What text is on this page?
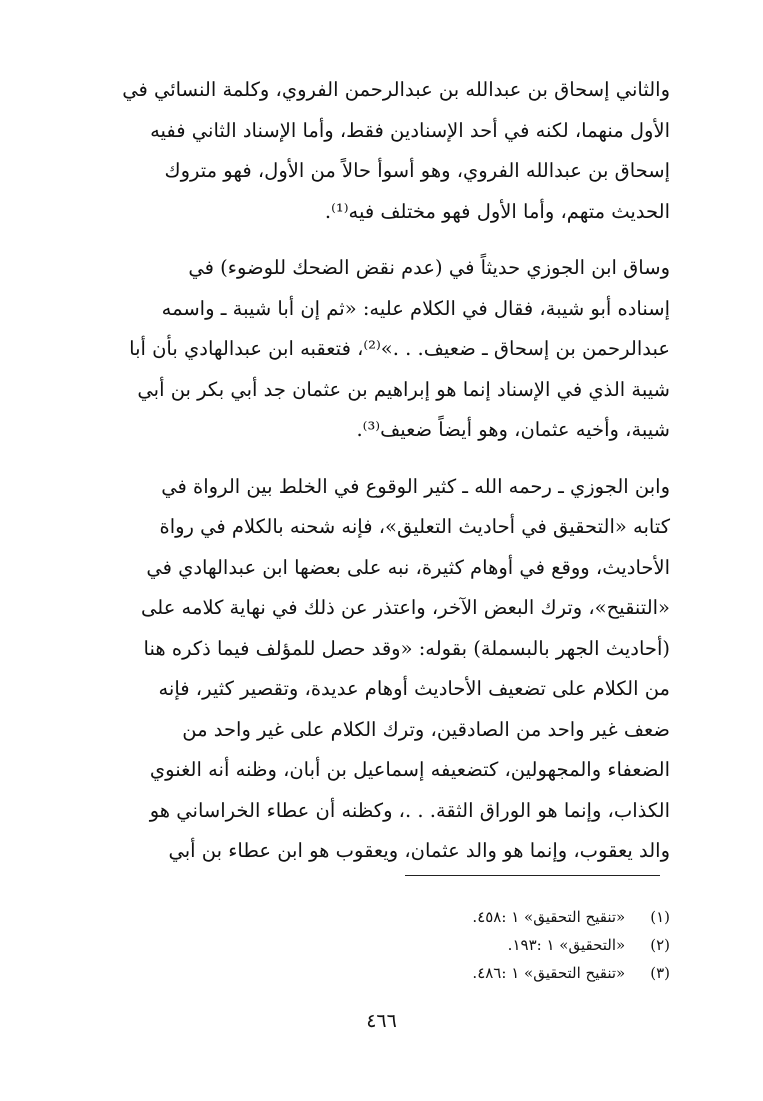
والثاني إسحاق بن عبدالله بن عبدالرحمن الفروي، وكلمة النسائي في
الأول منهما، لكنه في أحد الإسنادين فقط، وأما الإسناد الثاني ففيه
إسحاق بن عبدالله الفروي، وهو أسوأ حالاً من الأول، فهو متروك
الحديث متهم، وأما الأول فهو مختلف فيه⁽¹⁾.

وساق ابن الجوزي حديثاً في (عدم نقض الضحك للوضوء) في
إسناده أبو شيبة، فقال في الكلام عليه: «ثم إن أبا شيبة ـ واسمه
عبدالرحمن بن إسحاق ـ ضعيف. . .»⁽²⁾، فتعقبه ابن عبدالهادي بأن أبا
شيبة الذي في الإسناد إنما هو إبراهيم بن عثمان جد أبي بكر بن أبي
شيبة، وأخيه عثمان، وهو أيضاً ضعيف⁽³⁾.

وابن الجوزي ـ رحمه الله ـ كثير الوقوع في الخلط بين الرواة في
كتابه «التحقيق في أحاديث التعليق»، فإنه شحنه بالكلام في رواة
الأحاديث، ووقع في أوهام كثيرة، نبه على بعضها ابن عبدالهادي في
«التنقيح»، وترك البعض الآخر، واعتذر عن ذلك في نهاية كلامه على
(أحاديث الجهر بالبسملة) بقوله: «وقد حصل للمؤلف فيما ذكره هنا
من الكلام على تضعيف الأحاديث أوهام عديدة، وتقصير كثير، فإنه
ضعف غير واحد من الصادقين، وترك الكلام على غير واحد من
الضعفاء والمجهولين، كتضعيفه إسماعيل بن أبان، وظنه أنه الغنوي
الكذاب، وإنما هو الوراق الثقة. . .، وكظنه أن عطاء الخراساني هو
والد يعقوب، وإنما هو والد عثمان، ويعقوب هو ابن عطاء بن أبي

(١) «تنقيح التحقيق» ١ :٤٥٨.
(٢) «التحقيق» ١ :١٩٣.
(٣) «تنقيح التحقيق» ١ :٤٨٦.
٤٦٦
